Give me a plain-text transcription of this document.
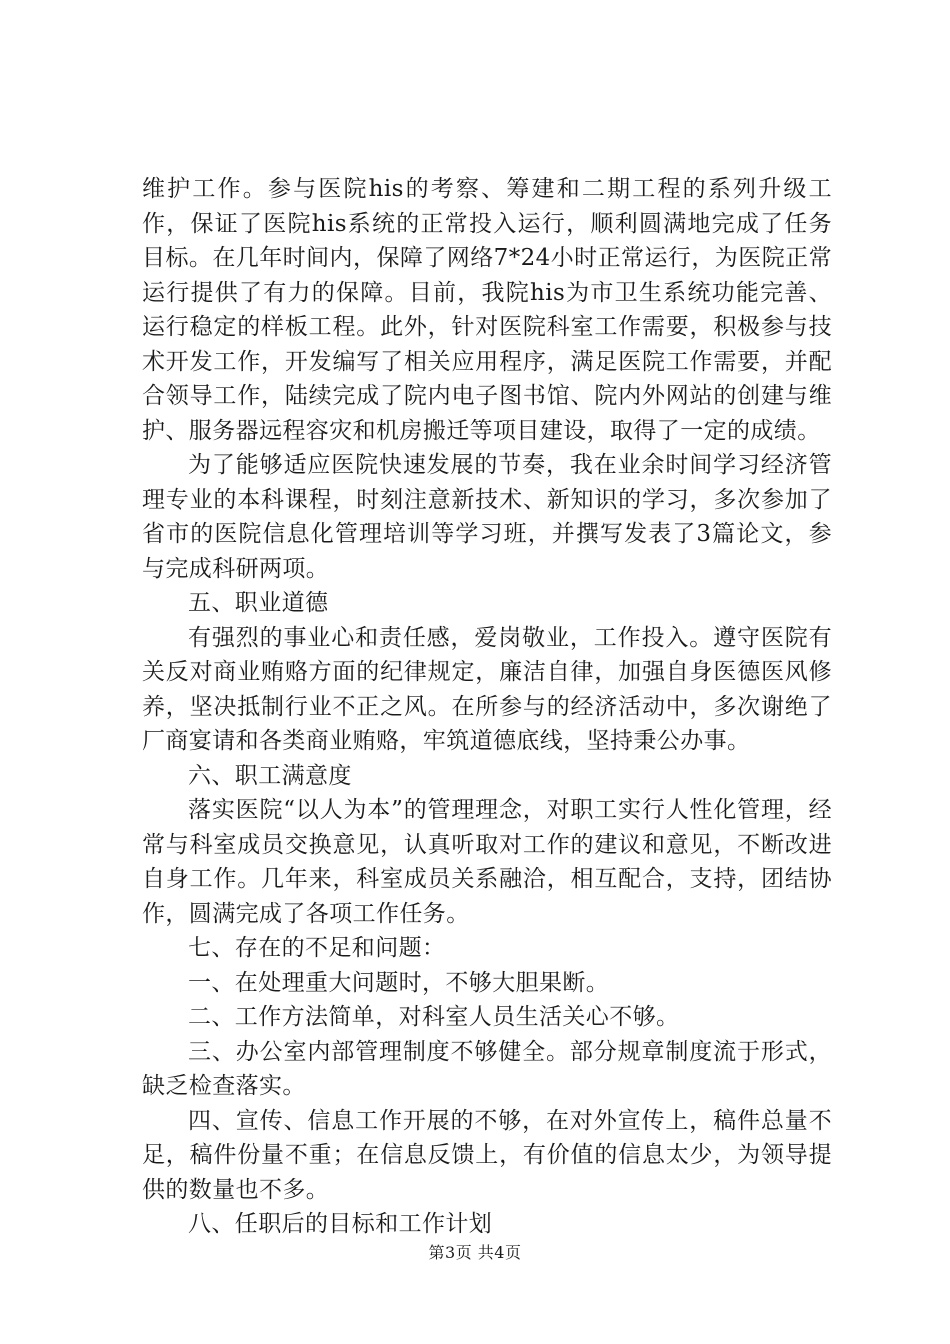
维护工作。参与医院his的考察、筹建和二期工程的系列升级工作，保证了医院his系统的正常投入运行，顺利圆满地完成了任务目标。在几年时间内，保障了网络7*24小时正常运行，为医院正常运行提供了有力的保障。目前，我院his为市卫生系统功能完善、运行稳定的样板工程。此外，针对医院科室工作需要，积极参与技术开发工作，开发编写了相关应用程序，满足医院工作需要，并配合领导工作，陆续完成了院内电子图书馆、院内外网站的创建与维护、服务器远程容灾和机房搬迁等项目建设，取得了一定的成绩。

为了能够适应医院快速发展的节奏，我在业余时间学习经济管理专业的本科课程，时刻注意新技术、新知识的学习，多次参加了省市的医院信息化管理培训等学习班，并撰写发表了3篇论文，参与完成科研两项。

五、职业道德

有强烈的事业心和责任感，爱岗敬业，工作投入。遵守医院有关反对商业贿赂方面的纪律规定，廉洁自律，加强自身医德医风修养，坚决抵制行业不正之风。在所参与的经济活动中，多次谢绝了厂商宴请和各类商业贿赂，牢筑道德底线，坚持秉公办事。

六、职工满意度

落实医院“以人为本”的管理理念，对职工实行人性化管理，经常与科室成员交换意见，认真听取对工作的建议和意见，不断改进自身工作。几年来，科室成员关系融洽，相互配合，支持，团结协作，圆满完成了各项工作任务。

七、存在的不足和问题：

一、在处理重大问题时，不够大胆果断。

二、工作方法简单，对科室人员生活关心不够。

三、办公室内部管理制度不够健全。部分规章制度流于形式，缺乏检查落实。

四、宣传、信息工作开展的不够，在对外宣传上，稿件总量不足，稿件份量不重；在信息反馈上，有价值的信息太少，为领导提供的数量也不多。

八、任职后的目标和工作计划

第3页 共4页
